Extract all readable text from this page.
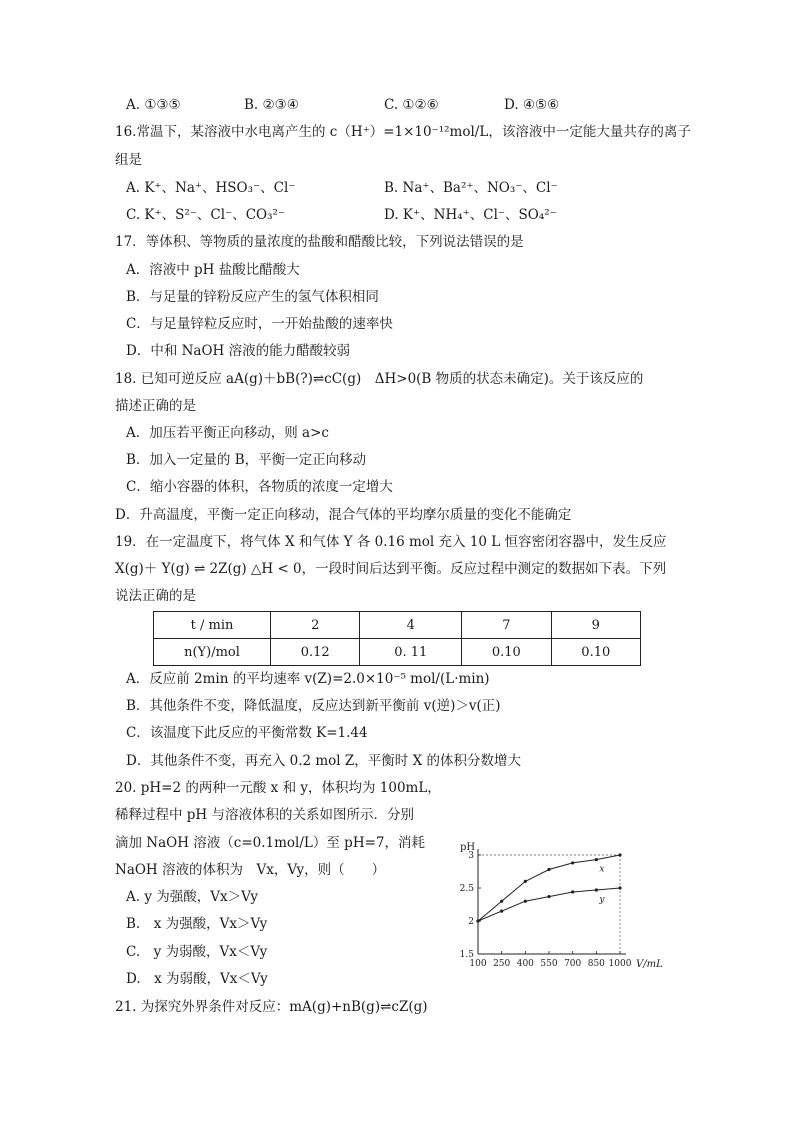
A. ①③⑤	B. ②③④	C. ①②⑥	D. ④⑤⑥
16.常温下，某溶液中水电离产生的 c（H⁺）=1×10⁻¹²mol/L，该溶液中一定能大量共存的离子
组是
A. K⁺、Na⁺、HSO₃⁻、Cl⁻	B. Na⁺、Ba²⁺、NO₃⁻、Cl⁻
C. K⁺、S²⁻、Cl⁻、CO₃²⁻	D. K⁺、NH₄⁺、Cl⁻、SO₄²⁻
17．等体积、等物质的量浓度的盐酸和醋酸比较，下列说法错误的是
A．溶液中 pH 盐酸比醋酸大
B．与足量的锌粉反应产生的氢气体积相同
C．与足量锌粒反应时，一开始盐酸的速率快
D．中和 NaOH 溶液的能力醋酸较弱
18. 已知可逆反应 aA(g)＋bB(?)⇌cC(g)　ΔH>0(B 物质的状态未确定)。关于该反应的
描述正确的是
A．加压若平衡正向移动，则 a>c
B．加入一定量的 B，平衡一定正向移动
C．缩小容器的体积，各物质的浓度一定增大
D．升高温度，平衡一定正向移动，混合气体的平均摩尔质量的变化不能确定
19．在一定温度下，将气体 X 和气体 Y 各 0.16 mol 充入 10 L 恒容密闭容器中，发生反应
X(g)＋ Y(g) ⇌ 2Z(g) △H < 0，一段时间后达到平衡。反应过程中测定的数据如下表。下列
说法正确的是
t / min	2	4	7	9
n(Y)/mol	0.12	0. 11	0.10	0.10
A．反应前 2min 的平均速率 v(Z)=2.0×10⁻⁵ mol/(L·min)
B．其他条件不变，降低温度，反应达到新平衡前 v(逆)＞v(正)
C．该温度下此反应的平衡常数 K=1.44
D．其他条件不变，再充入 0.2 mol Z，平衡时 X 的体积分数增大
20. pH=2 的两种一元酸 x 和 y，体积均为 100mL，
稀释过程中 pH 与溶液体积的关系如图所示．分别
滴加 NaOH 溶液（c=0.1mol/L）至 pH=7，消耗
NaOH 溶液的体积为　Vx，Vy，则（　　）
A. y 为强酸，Vx＞Vy
B.　x 为强酸，Vx＞Vy
C.　y 为弱酸，Vx＜Vy
D.　x 为弱酸，Vx＜Vy
21. 为探究外界条件对反应：mA(g)+nB(g)⇌cZ(g)
100 250 400 550 700 850 1000
1.5
2
2.5
3
x
y
pH
V/mL
